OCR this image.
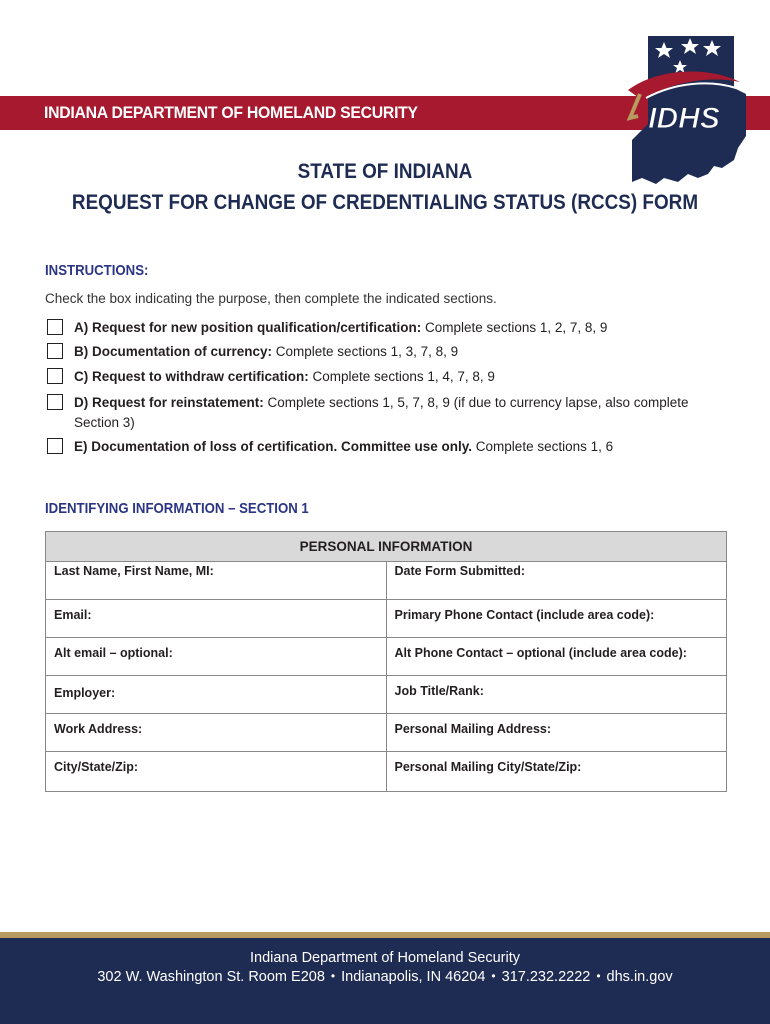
INDIANA DEPARTMENT OF HOMELAND SECURITY	IDHS
STATE OF INDIANA
REQUEST FOR CHANGE OF CREDENTIALING STATUS (RCCS) FORM
INSTRUCTIONS:
Check the box indicating the purpose, then complete the indicated sections.
A) Request for new position qualification/certification: Complete sections 1, 2, 7, 8, 9
B) Documentation of currency: Complete sections 1, 3, 7, 8, 9
C) Request to withdraw certification: Complete sections 1, 4, 7, 8, 9
D) Request for reinstatement: Complete sections 1, 5, 7, 8, 9 (if due to currency lapse, also complete Section 3)
E) Documentation of loss of certification. Committee use only. Complete sections 1, 6
IDENTIFYING INFORMATION – SECTION 1
PERSONAL INFORMATION	
Last Name, First Name, MI:	Date Form Submitted:
Email:	Primary Phone Contact (include area code):
Alt email – optional:	Alt Phone Contact – optional (include area code):
Employer:	Job Title/Rank:
Work Address:	Personal Mailing Address:
City/State/Zip:	Personal Mailing City/State/Zip:
Indiana Department of Homeland Security
302 W. Washington St. Room E208 • Indianapolis, IN 46204 • 317.232.2222 • dhs.in.gov
